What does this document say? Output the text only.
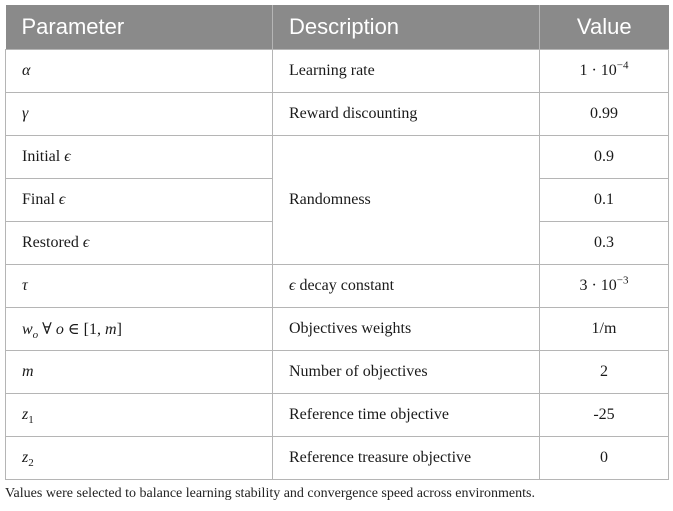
Parameter	Description	Value
α	Learning rate	$1 \cdot 10^{-4}$
γ	Reward discounting	0.99
Initial ϵ	Randomness	0.9
Final ϵ		0.1
Restored ϵ		0.3
τ	ϵ decay constant	$3 \cdot 10^{-3}$
$w_o$ ∀ o ∈ [1, m]	Objectives weights	1/m
m	Number of objectives	2
$z_1$	Reference time objective	-25
$z_2$	Reference treasure objective	0
Values were selected to balance learning stability and convergence speed across environments.
